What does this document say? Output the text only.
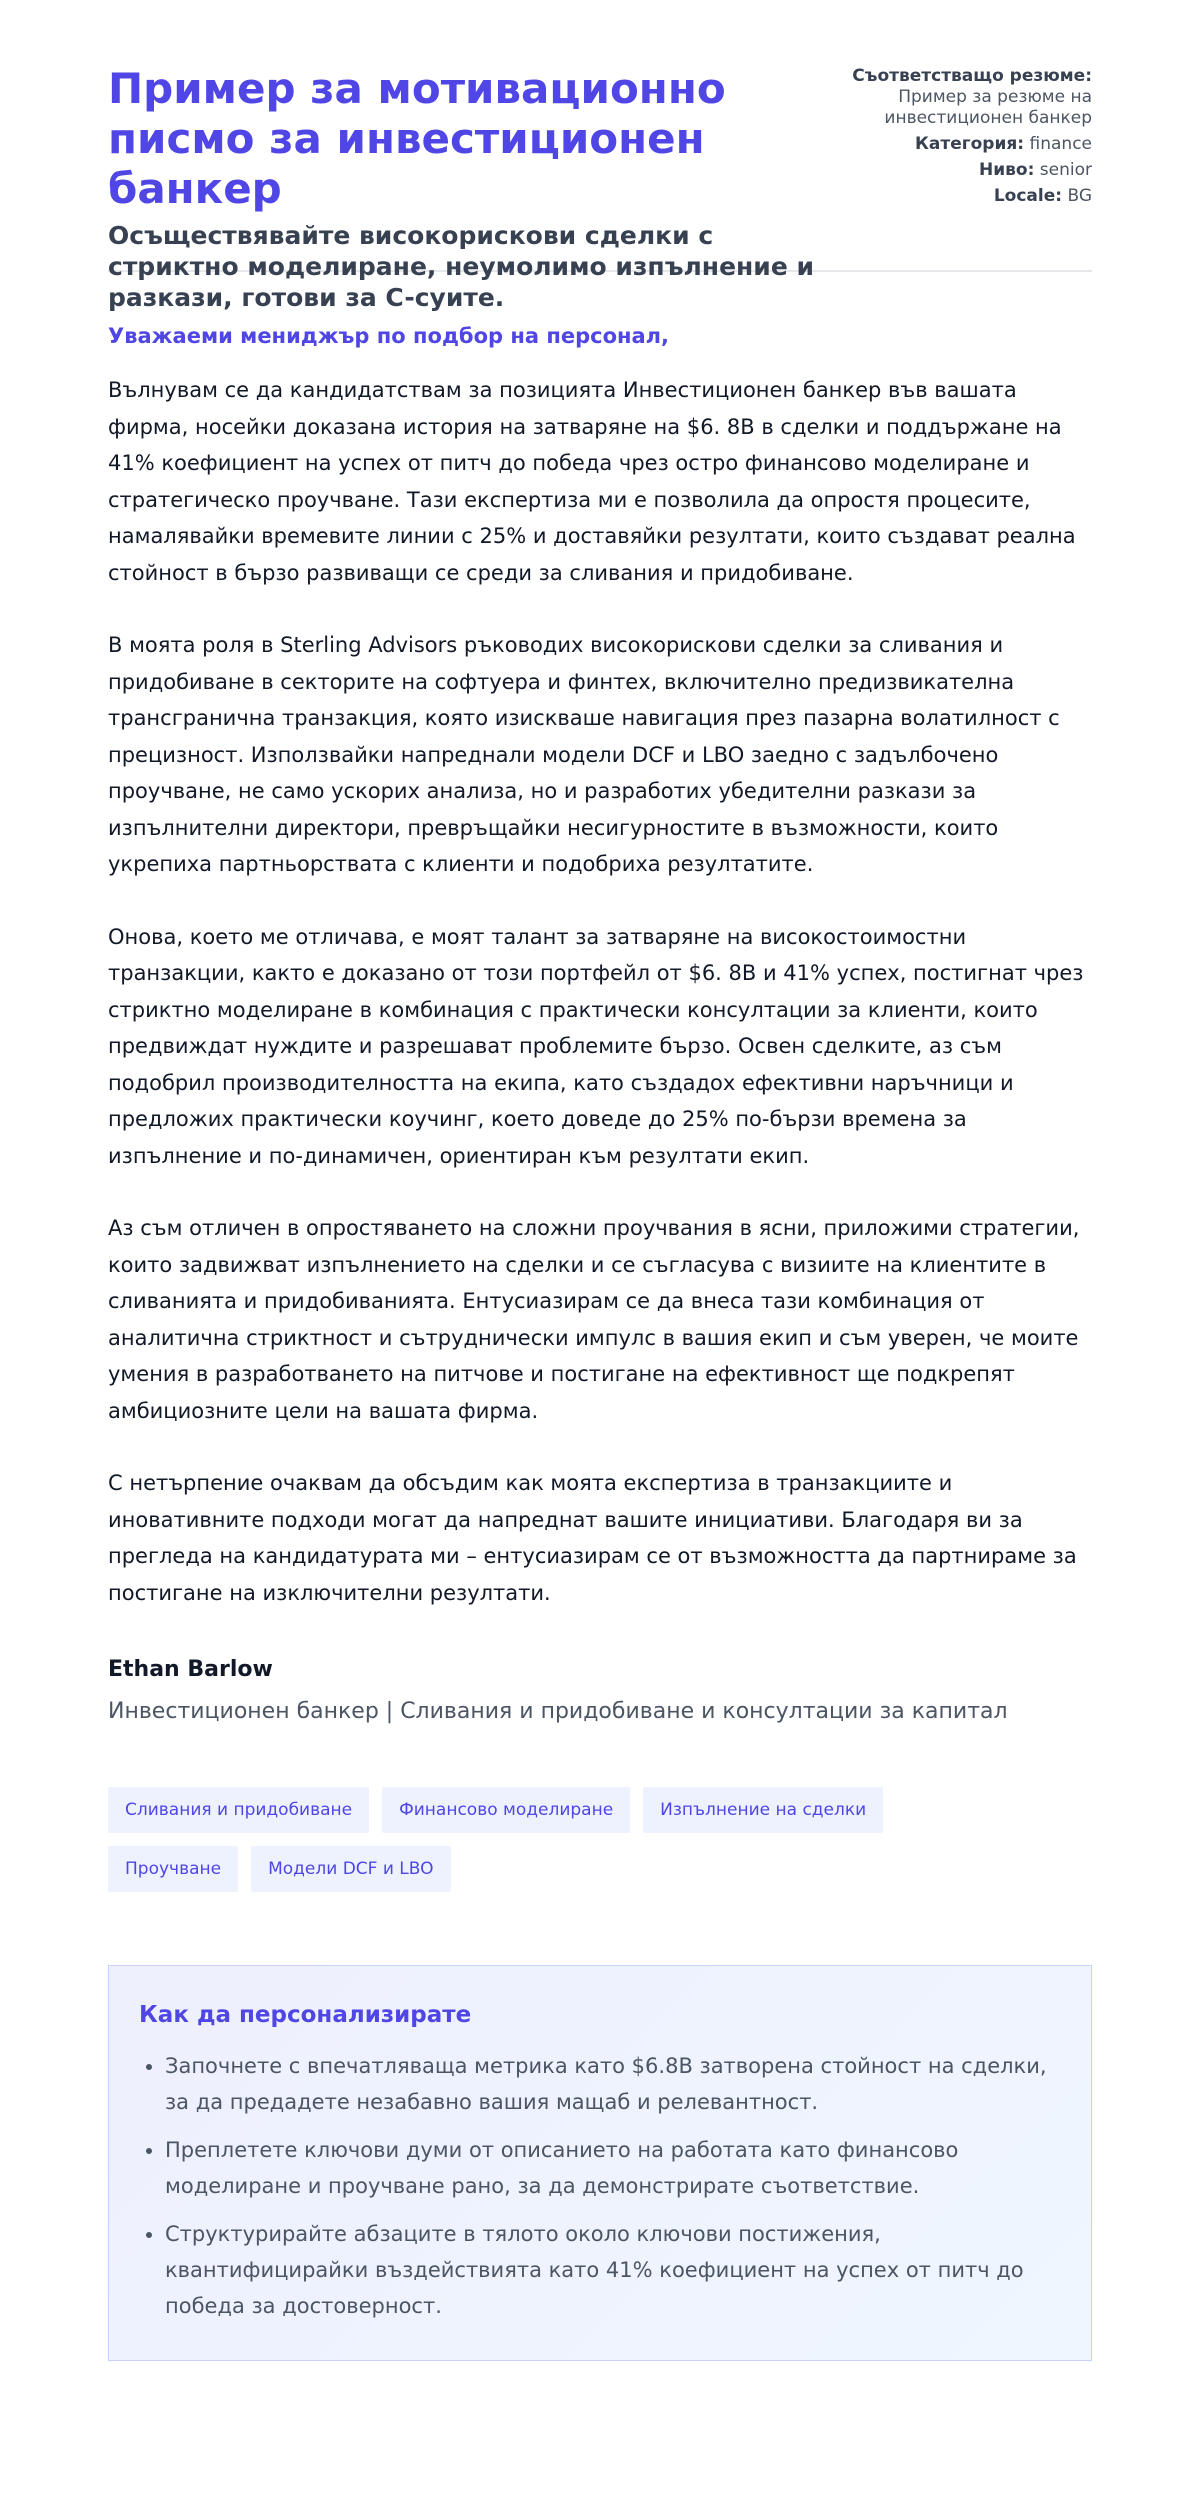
Пример за мотивационно писмо за инвестиционен банкер
Осъществявайте високорискови сделки с стриктно моделиране, неумолимо изпълнение и разкази, готови за C-суите.
Съответстващо резюме:
Пример за резюме на инвестиционен банкер
Категория: finance
Ниво: senior
Locale: BG

Уважаеми мениджър по подбор на персонал,

Вълнувам се да кандидатствам за позицията Инвестиционен банкер във вашата фирма, носейки доказана история на затваряне на $6. 8B в сделки и поддържане на 41% коефициент на успех от питч до победа чрез остро финансово моделиране и стратегическо проучване. Тази експертиза ми е позволила да опростя процесите, намалявайки времевите линии с 25% и доставяйки резултати, които създават реална стойност в бързо развиващи се среди за сливания и придобиване.

В моята роля в Sterling Advisors ръководих високорискови сделки за сливания и придобиване в секторите на софтуера и финтех, включително предизвикателна трансгранична транзакция, която изискваше навигация през пазарна волатилност с прецизност. Използвайки напреднали модели DCF и LBO заедно с задълбочено проучване, не само ускорих анализа, но и разработих убедителни разкази за изпълнителни директори, превръщайки несигурностите в възможности, които укрепиха партньорствата с клиенти и подобриха резултатите.

Онова, което ме отличава, е моят талант за затваряне на високостоимостни транзакции, както е доказано от този портфейл от $6. 8B и 41% успех, постигнат чрез стриктно моделиране в комбинация с практически консултации за клиенти, които предвиждат нуждите и разрешават проблемите бързо. Освен сделките, аз съм подобрил производителността на екипа, като създадох ефективни наръчници и предложих практически коучинг, което доведе до 25% по-бързи времена за изпълнение и по-динамичен, ориентиран към резултати екип.

Аз съм отличен в опростяването на сложни проучвания в ясни, приложими стратегии, които задвижват изпълнението на сделки и се съгласува с визиите на клиентите в сливанията и придобиванията. Ентусиазирам се да внеса тази комбинация от аналитична стриктност и сътруднически импулс в вашия екип и съм уверен, че моите умения в разработването на питчове и постигане на ефективност ще подкрепят амбициозните цели на вашата фирма.

С нетърпение очаквам да обсъдим как моята експертиза в транзакциите и иновативните подходи могат да напреднат вашите инициативи. Благодаря ви за прегледа на кандидатурата ми – ентусиазирам се от възможността да партнираме за постигане на изключителни резултати.

Ethan Barlow

Инвестиционен банкер | Сливания и придобиване и консултации за капитал

Сливания и придобиване	Финансово моделиране	Изпълнение на сделки
Проучване	Модели DCF и LBO
Как да персонализирате
• Започнете с впечатляваща метрика като $6.8B затворена стойност на сделки, за да предадете незабавно вашия мащаб и релевантност.
• Преплетете ключови думи от описанието на работата като финансово моделиране и проучване рано, за да демонстрирате съответствие.
• Структурирайте абзаците в тялото около ключови постижения, квантифицирайки въздействията като 41% коефициент на успех от питч до победа за достоверност.
